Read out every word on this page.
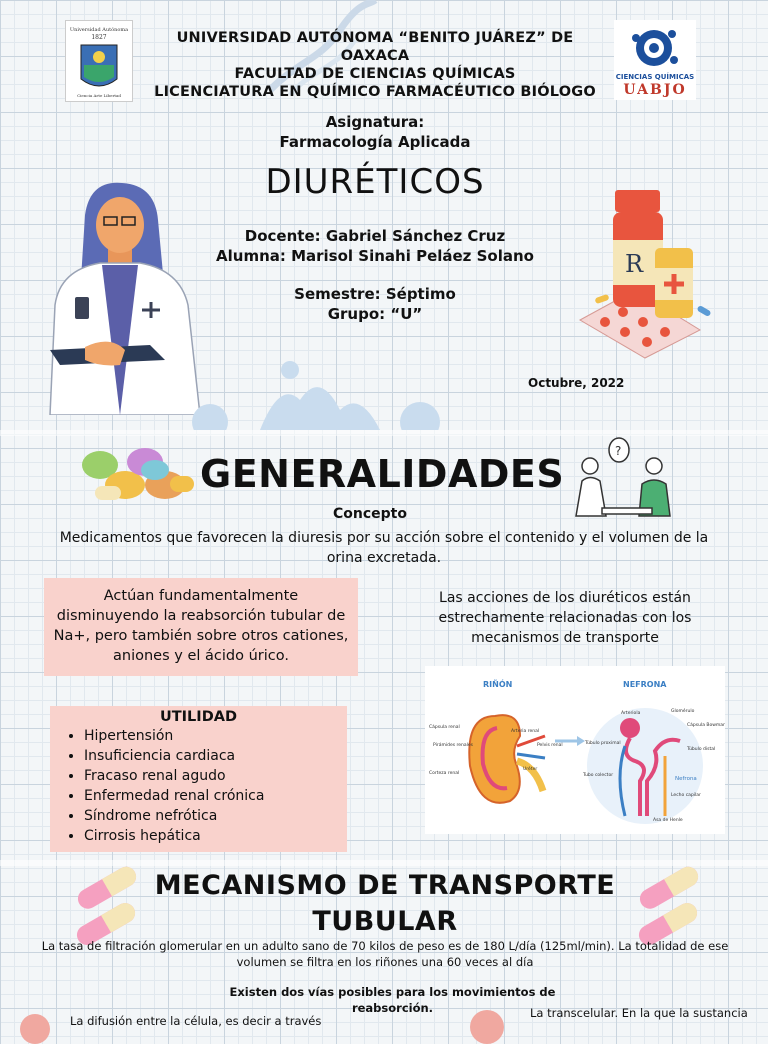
Universidad Autónoma
1827
Ciencia Arte Libertad
UNIVERSIDAD AUTÓNOMA “BENITO JUÁREZ” DE OAXACA
FACULTAD DE CIENCIAS QUÍMICAS
LICENCIATURA EN QUÍMICO FARMACÉUTICO BIÓLOGO
CIENCIAS QUÍMICAS
UABJO
Asignatura:
Farmacología Aplicada
DIURÉTICOS
Docente: Gabriel Sánchez Cruz
Alumna: Marisol Sinahi Peláez Solano
Semestre: Séptimo
Grupo: “U”
Octubre, 2022
R
GENERALIDADES
?
Concepto
Medicamentos que favorecen la diuresis por su acción sobre el contenido y el volumen de la orina excretada.
Actúan fundamentalmente disminuyendo la reabsorción tubular de Na+, pero también sobre otros cationes, aniones y el ácido úrico.
Las acciones de los diuréticos están estrechamente relacionadas con los mecanismos de transporte
UTILIDAD
• Hipertensión
• Insuficiencia cardiaca
• Fracaso renal agudo
• Enfermedad renal crónica
• Síndrome nefrótica
• Cirrosis hepática
RIÑÓN	NEFRONA
Cápsula renal
Arteria renal
Pirámides renales	Pelvis renal
Corteza renal
Uréter
Arteriola	Glomérulo
Cápsula Bowman
Túbulo proximal
Túbulo distal
Tubo colector
Nefrona
Asa de Henle
Lecho capilar
MECANISMO DE TRANSPORTE
TUBULAR
La tasa de filtración glomerular en un adulto sano de 70 kilos de peso es de 180 L/día (125ml/min). La totalidad de ese volumen se filtra en los riñones una 60 veces al día
Existen dos vías posibles para los movimientos de reabsorción.
La difusión entre la célula, es decir a través
La transcelular. En la que la sustancia
